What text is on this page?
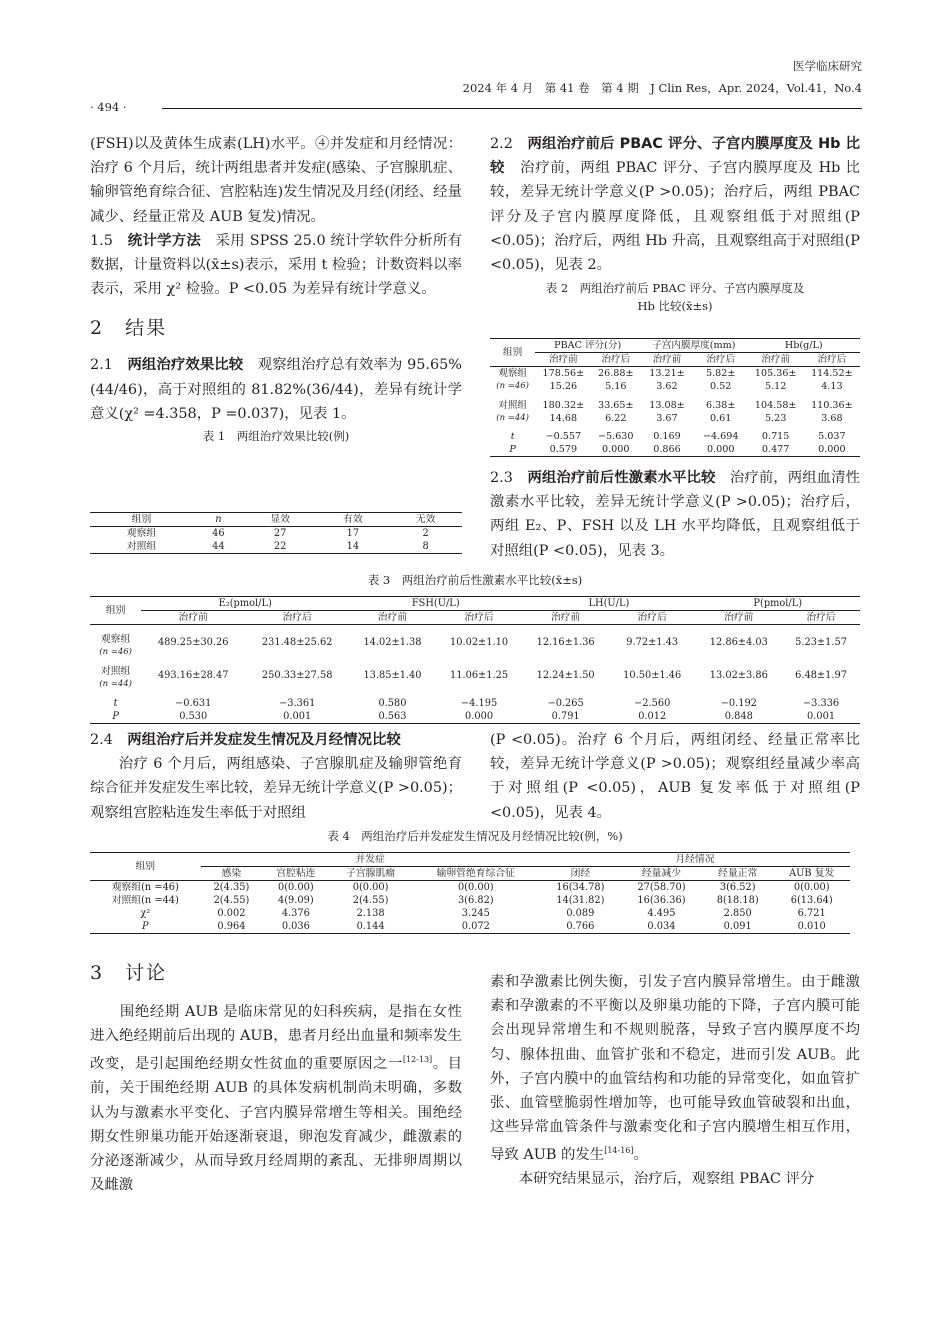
医学临床研究
2024 年 4 月　第 41 卷　第 4 期　J Clin Res，Apr. 2024，Vol.41，No.4
· 494 ·

(FSH)以及黄体生成素(LH)水平。④并发症和月经情况：治疗 6 个月后，统计两组患者并发症(感染、子宫腺肌症、输卵管绝育综合征、宫腔粘连)发生情况及月经(闭经、经量减少、经量正常及 AUB 复发)情况。

1.5　 统计学方法　采用 SPSS 25.0 统计学软件分析所有数据，计量资料以(x̄±s)表示，采用 t 检验；计数资料以率表示，采用 χ² 检验。P <0.05 为差异有统计学意义。

2　结果

2.1　 两组治疗效果比较　观察组治疗总有效率为 95.65%(44/46)，高于对照组的 81.82%(36/44)，差异有统计学意义(χ² =4.358，P =0.037)，见表 1。

表 1　两组治疗效果比较(例)
组别	n	显效	有效	无效
观察组	46	27	17	2
对照组	44	22	14	8

2.2　 两组治疗前后 PBAC 评分、子宫内膜厚度及 Hb 比较　治疗前，两组 PBAC 评分、子宫内膜厚度及 Hb 比较，差异无统计学意义(P >0.05)；治疗后，两组 PBAC 评分及子宫内膜厚度降低，且观察组低于对照组(P <0.05)；治疗后，两组 Hb 升高，且观察组高于对照组(P <0.05)，见表 2。

表 2　两组治疗前后 PBAC 评分、子宫内膜厚度及
Hb 比较(x̄±s)
组别	PBAC 评分(分)		子宫内膜厚度(mm)		Hb(g/L)	
	治疗前	治疗后	治疗前	治疗后	治疗前	治疗后
观察组	178.56±	26.88±	13.21±	5.82±	105.36±	114.52±
(n =46)	15.26	5.16	3.62	0.52	5.12	4.13
对照组	180.32±	33.65±	13.08±	6.38±	104.58±	110.36±
(n =44)	14.68	6.22	3.67	0.61	5.23	3.68
t	−0.557	−5.630	0.169	−4.694	0.715	5.037
P	0.579	0.000	0.866	0.000	0.477	0.000

2.3　 两组治疗前后性激素水平比较　治疗前，两组血清性激素水平比较，差异无统计学意义(P >0.05)；治疗后，两组 E₂、P、FSH 以及 LH 水平均降低，且观察组低于对照组(P <0.05)，见表 3。

表 3　两组治疗前后性激素水平比较(x̄±s)
组别	E₂(pmol/L)		FSH(U/L)		LH(U/L)		P(pmol/L)	
	治疗前	治疗后	治疗前	治疗后	治疗前	治疗后	治疗前	治疗后

观察组
(n =46)	489.25±30.26	231.48±25.62	14.02±1.38	10.02±1.10	12.16±1.36	9.72±1.43	12.86±4.03	5.23±1.57

对照组
(n =44)	493.16±28.47	250.33±27.58	13.85±1.40	11.06±1.25	12.24±1.50	10.50±1.46	13.02±3.86	6.48±1.97
t	−0.631	−3.361	0.580	−4.195	−0.265	−2.560	−0.192	−3.336
P	0.530	0.001	0.563	0.000	0.791	0.012	0.848	0.001

2.4　 两组治疗后并发症发生情况及月经情况比较

治疗 6 个月后，两组感染、子宫腺肌症及输卵管绝育综合征并发症发生率比较，差异无统计学意义(P >0.05)；观察组宫腔粘连发生率低于对照组

(P <0.05)。治疗 6 个月后，两组闭经、经量正常率比较，差异无统计学意义(P >0.05)；观察组经量减少率高于对照组(P <0.05)，AUB 复发率低于对照组(P <0.05)，见表 4。

表 4　两组治疗后并发症发生情况及月经情况比较(例，%)
组别	并发症				月经情况			
	感染	宫腔粘连	子宫腺肌瘤	输卵管绝育综合征	闭经	经量减少	经量正常	AUB 复发
观察组(n =46)	2(4.35)	0(0.00)	0(0.00)	0(0.00)	16(34.78)	27(58.70)	3(6.52)	0(0.00)
对照组(n =44)	2(4.55)	4(9.09)	2(4.55)	3(6.82)	14(31.82)	16(36.36)	8(18.18)	6(13.64)
χ²	0.002	4.376	2.138	3.245	0.089	4.495	2.850	6.721
P	0.964	0.036	0.144	0.072	0.766	0.034	0.091	0.010

3　讨论

　　围绝经期 AUB 是临床常见的妇科疾病，是指在女性进入绝经期前后出现的 AUB，患者月经出血量和频率发生改变，是引起围绝经期女性贫血的重要原因之一[12-13]。目前，关于围绝经期 AUB 的具体发病机制尚未明确，多数认为与激素水平变化、子宫内膜异常增生等相关。围绝经期女性卵巢功能开始逐渐衰退，卵泡发育减少，雌激素的分泌逐渐减少，从而导致月经周期的紊乱、无排卵周期以及雌激

素和孕激素比例失衡，引发子宫内膜异常增生。由于雌激素和孕激素的不平衡以及卵巢功能的下降，子宫内膜可能会出现异常增生和不规则脱落，导致子宫内膜厚度不均匀、腺体扭曲、血管扩张和不稳定，进而引发 AUB。此外，子宫内膜中的血管结构和功能的异常变化，如血管扩张、血管壁脆弱性增加等，也可能导致血管破裂和出血，这些异常血管条件与激素变化和子宫内膜增生相互作用，导致 AUB 的发生[14-16]。

　　本研究结果显示，治疗后，观察组 PBAC 评分
